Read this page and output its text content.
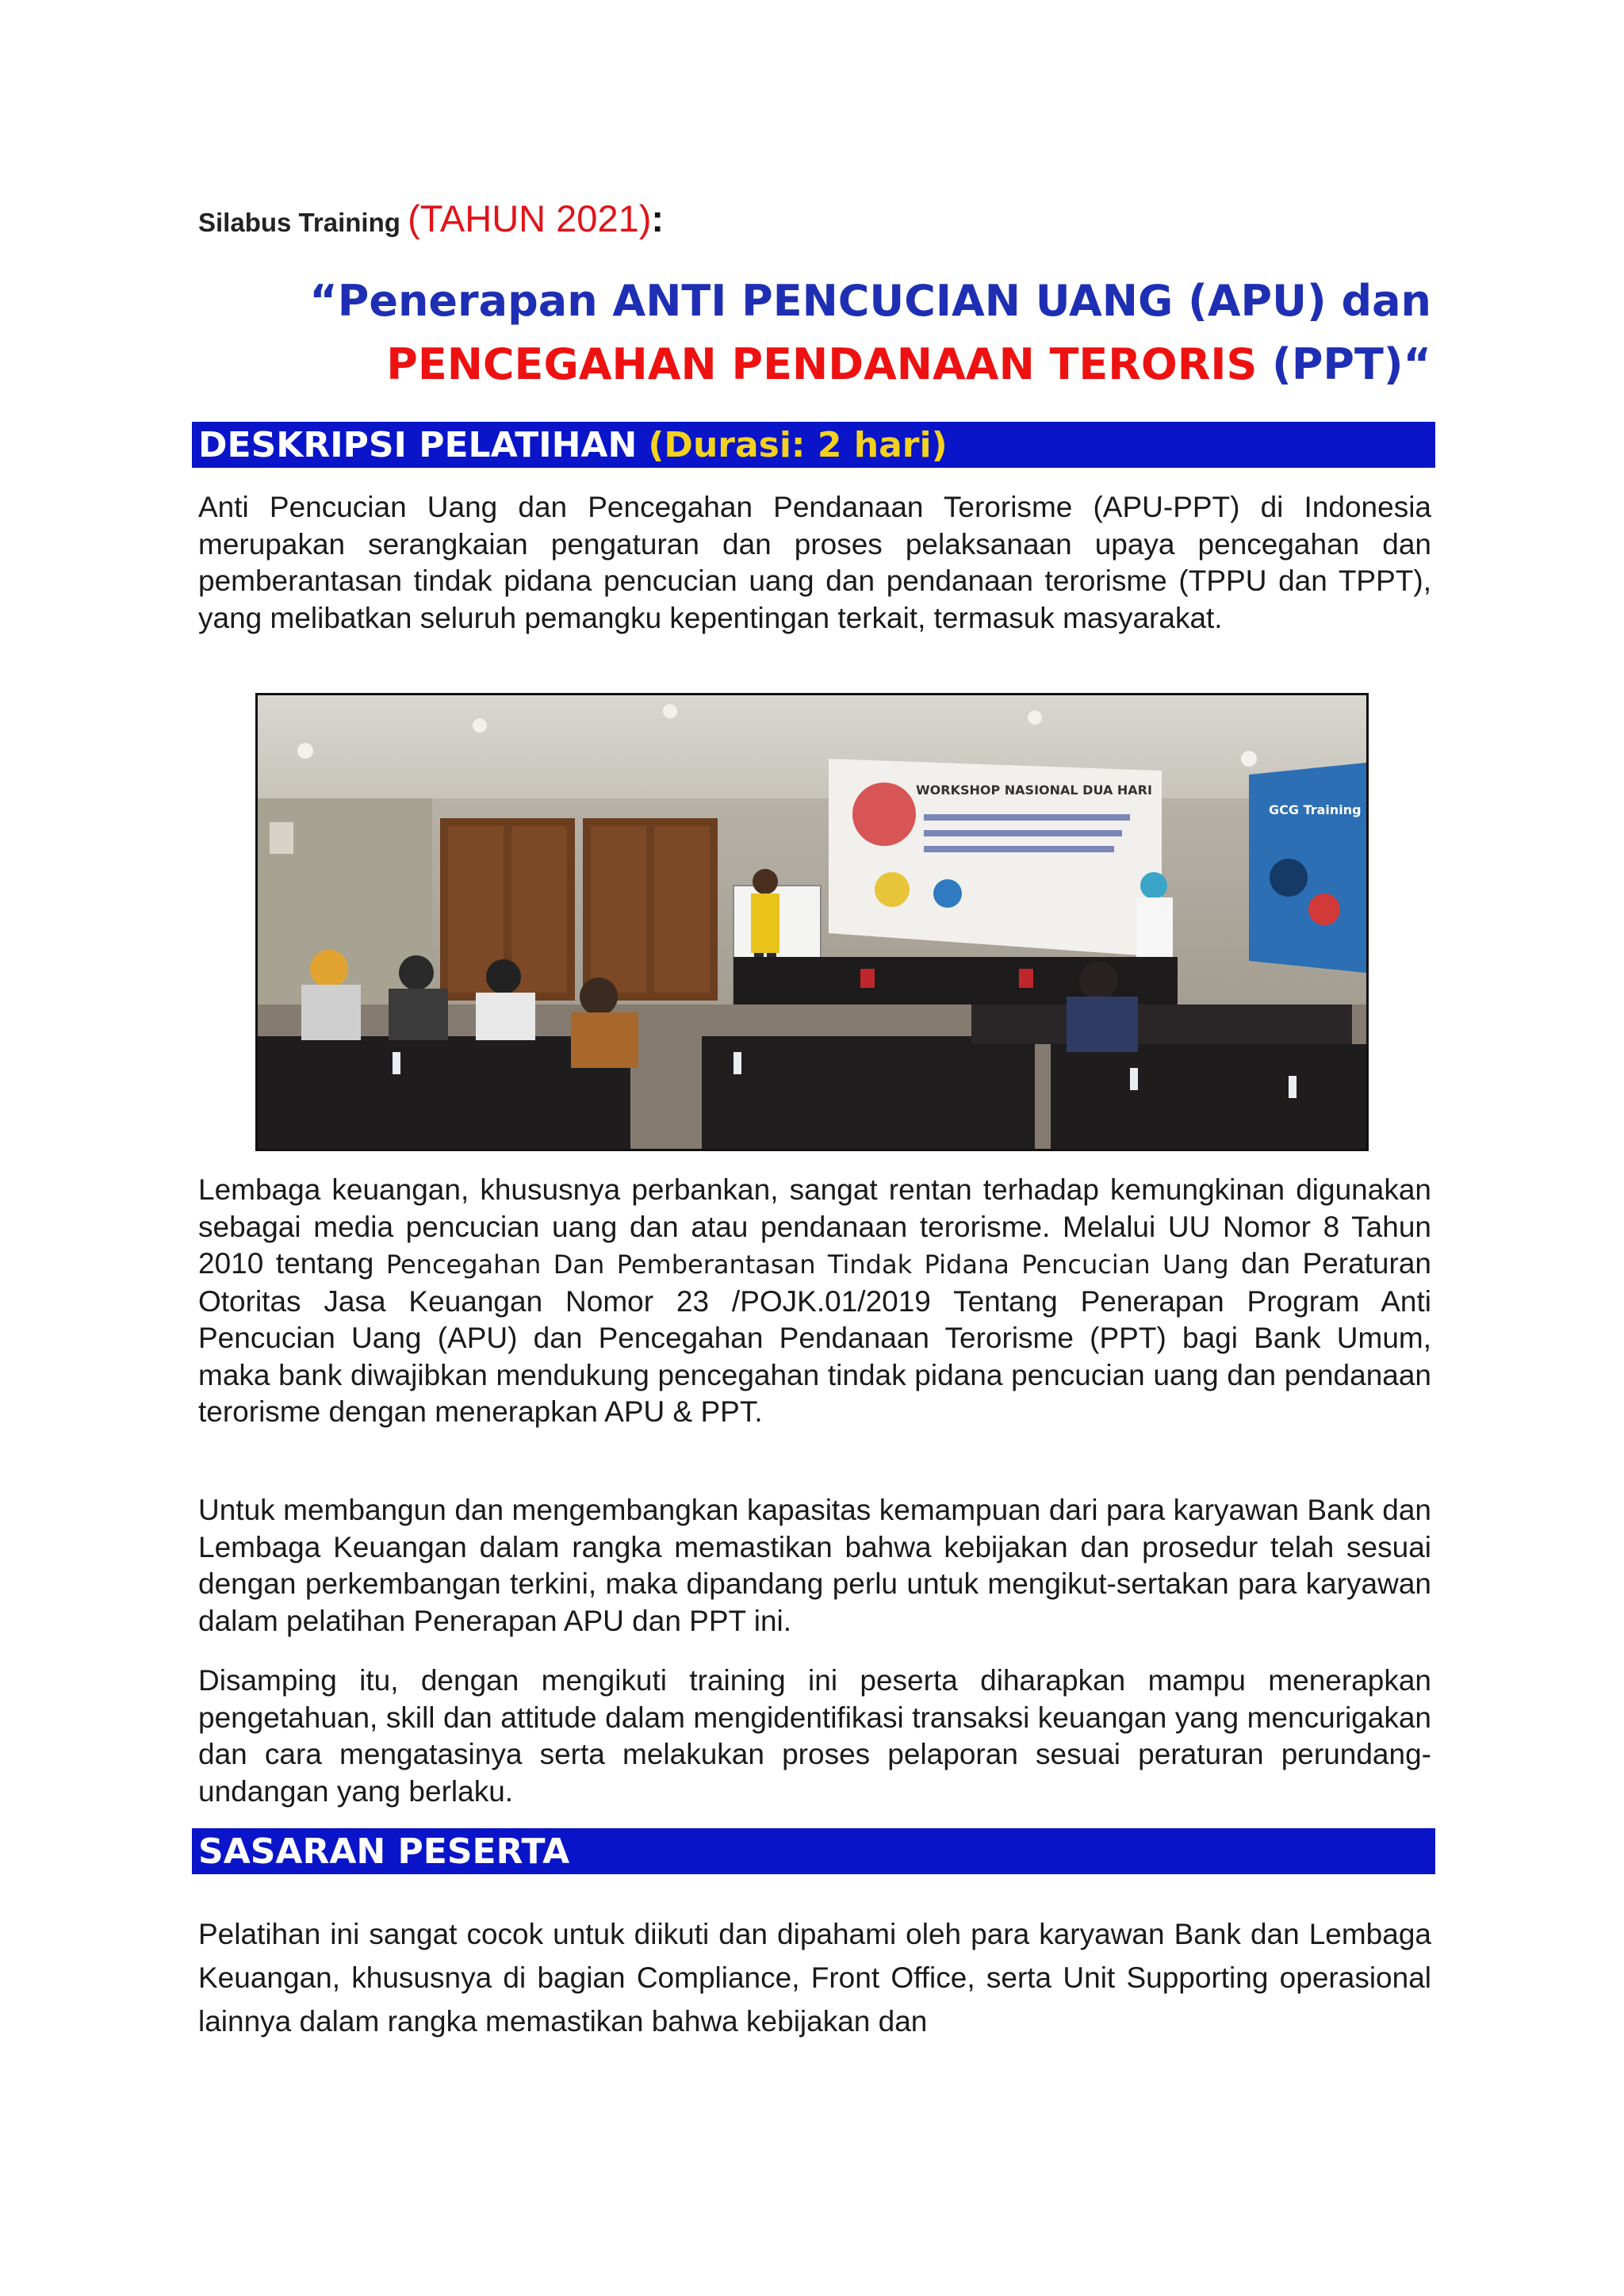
Silabus Training (TAHUN 2021):
“Penerapan ANTI PENCUCIAN UANG (APU) dan
PENCEGAHAN PENDANAAN TERORIS (PPT)“
DESKRIPSI PELATIHAN (Durasi: 2 hari)
Anti Pencucian Uang dan Pencegahan Pendanaan Terorisme (APU-PPT) di Indonesia merupakan serangkaian pengaturan dan proses pelaksanaan upaya pencegahan dan pemberantasan tindak pidana pencucian uang dan pendanaan terorisme (TPPU dan TPPT), yang melibatkan seluruh pemangku kepentingan terkait, termasuk masyarakat.
WORKSHOP NASIONAL DUA HARI
GCG Training
Lembaga keuangan, khususnya perbankan, sangat rentan terhadap kemungkinan digunakan sebagai media pencucian uang dan atau pendanaan terorisme. Melalui UU Nomor 8 Tahun 2010 tentang Pencegahan Dan Pemberantasan Tindak Pidana Pencucian Uang dan Peraturan Otoritas Jasa Keuangan Nomor 23 /POJK.01/2019 Tentang Penerapan Program Anti Pencucian Uang (APU) dan Pencegahan Pendanaan Terorisme (PPT) bagi Bank Umum, maka bank diwajibkan mendukung pencegahan tindak pidana pencucian uang dan pendanaan terorisme dengan menerapkan APU & PPT.
Untuk membangun dan mengembangkan kapasitas kemampuan dari para karyawan Bank dan Lembaga Keuangan dalam rangka memastikan bahwa kebijakan dan prosedur telah sesuai dengan perkembangan terkini, maka dipandang perlu untuk mengikut-sertakan para karyawan dalam pelatihan Penerapan APU dan PPT ini.
Disamping itu, dengan mengikuti training ini peserta diharapkan mampu menerapkan pengetahuan, skill dan attitude dalam mengidentifikasi transaksi keuangan yang mencurigakan dan cara mengatasinya serta melakukan proses pelaporan sesuai peraturan perundang-undangan yang berlaku.
SASARAN PESERTA
Pelatihan ini sangat cocok untuk diikuti dan dipahami oleh para karyawan Bank dan Lembaga Keuangan, khususnya di bagian Compliance, Front Office, serta Unit Supporting operasional lainnya dalam rangka memastikan bahwa kebijakan dan
